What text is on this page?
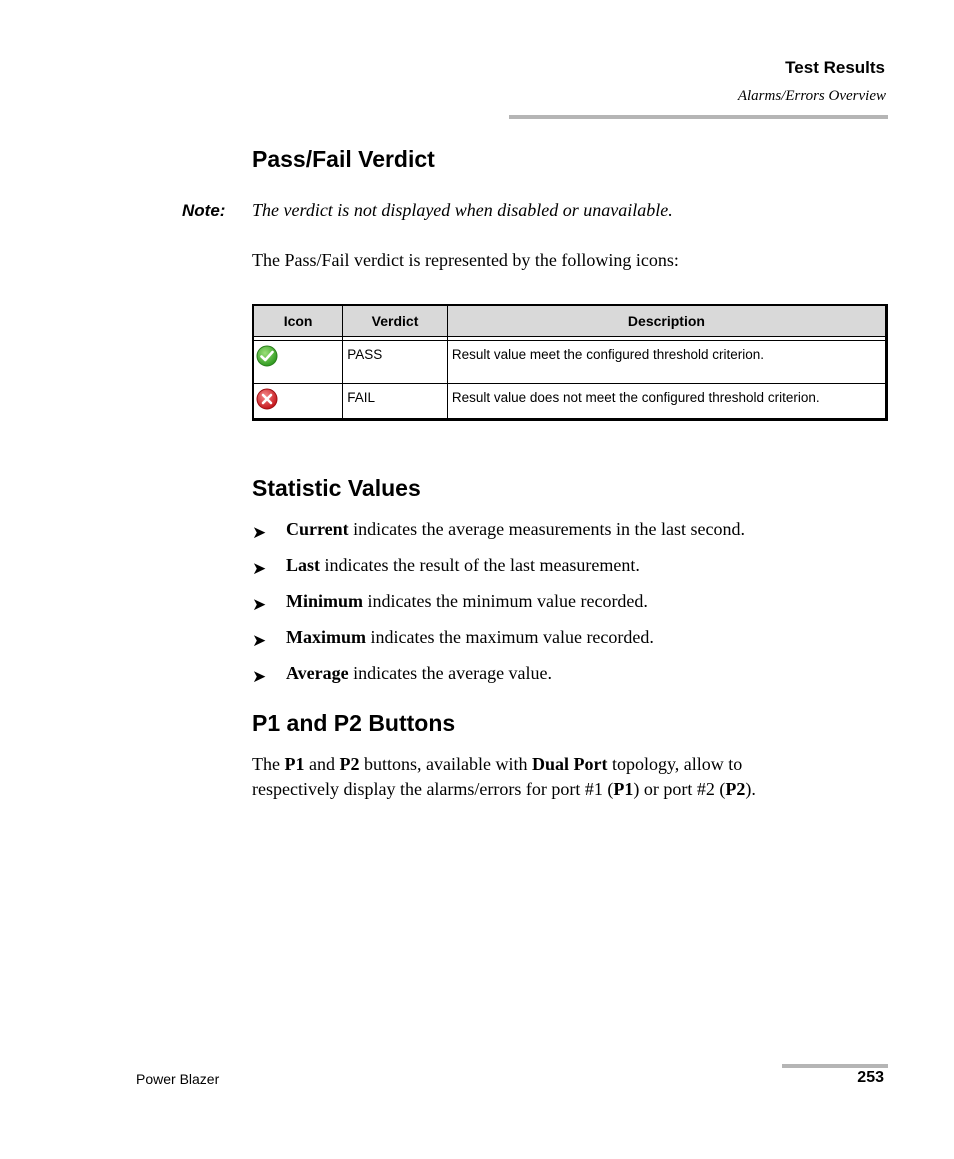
Test Results
Alarms/Errors Overview
Pass/Fail Verdict
Note: The verdict is not displayed when disabled or unavailable.
The Pass/Fail verdict is represented by the following icons:
Icon	Verdict	Description

	PASS	Result value meet the configured threshold criterion.
	FAIL	Result value does not meet the configured threshold criterion.
Statistic Values
➤ Current indicates the average measurements in the last second.
➤ Last indicates the result of the last measurement.
➤ Minimum indicates the minimum value recorded.
➤ Maximum indicates the maximum value recorded.
➤ Average indicates the average value.
P1 and P2 Buttons
The P1 and P2 buttons, available with Dual Port topology, allow to
respectively display the alarms/errors for port #1 (P1) or port #2 (P2).
Power Blazer	253
